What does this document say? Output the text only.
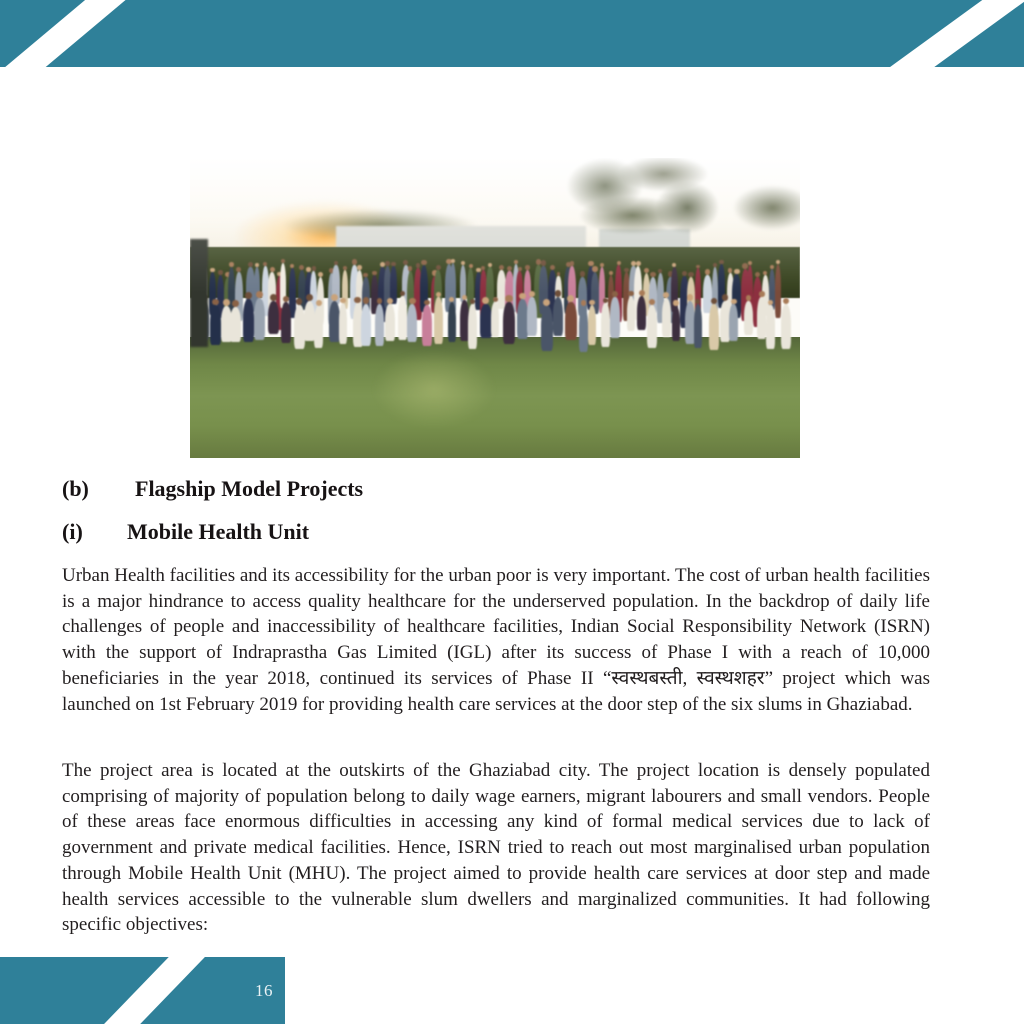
(b)	Flagship Model Projects
(i)	Mobile Health Unit

Urban Health facilities and its accessibility for the urban poor is very important. The cost of urban health facilities is a major hindrance to access quality healthcare for the underserved population. In the backdrop of daily life challenges of people and inaccessibility of healthcare facilities, Indian Social Responsibility Network (ISRN) with the support of Indraprastha Gas Limited (IGL) after its success of Phase I with a reach of 10,000 beneficiaries in the year 2018, continued its services of Phase II “स्वस्थबस्ती, स्वस्थशहर” project which was launched on 1st February 2019 for providing health care services at the door step of the six slums in Ghaziabad.

The project area is located at the outskirts of the Ghaziabad city. The project location is densely populated comprising of majority of population belong to daily wage earners, migrant labourers and small vendors. People of these areas face enormous difficulties in accessing any kind of formal medical services due to lack of government and private medical facilities. Hence, ISRN tried to reach out most marginalised urban population through Mobile Health Unit (MHU). The project aimed to provide health care services at door step and made health services accessible to the vulnerable slum dwellers and marginalized communities. It had following specific objectives:

16
